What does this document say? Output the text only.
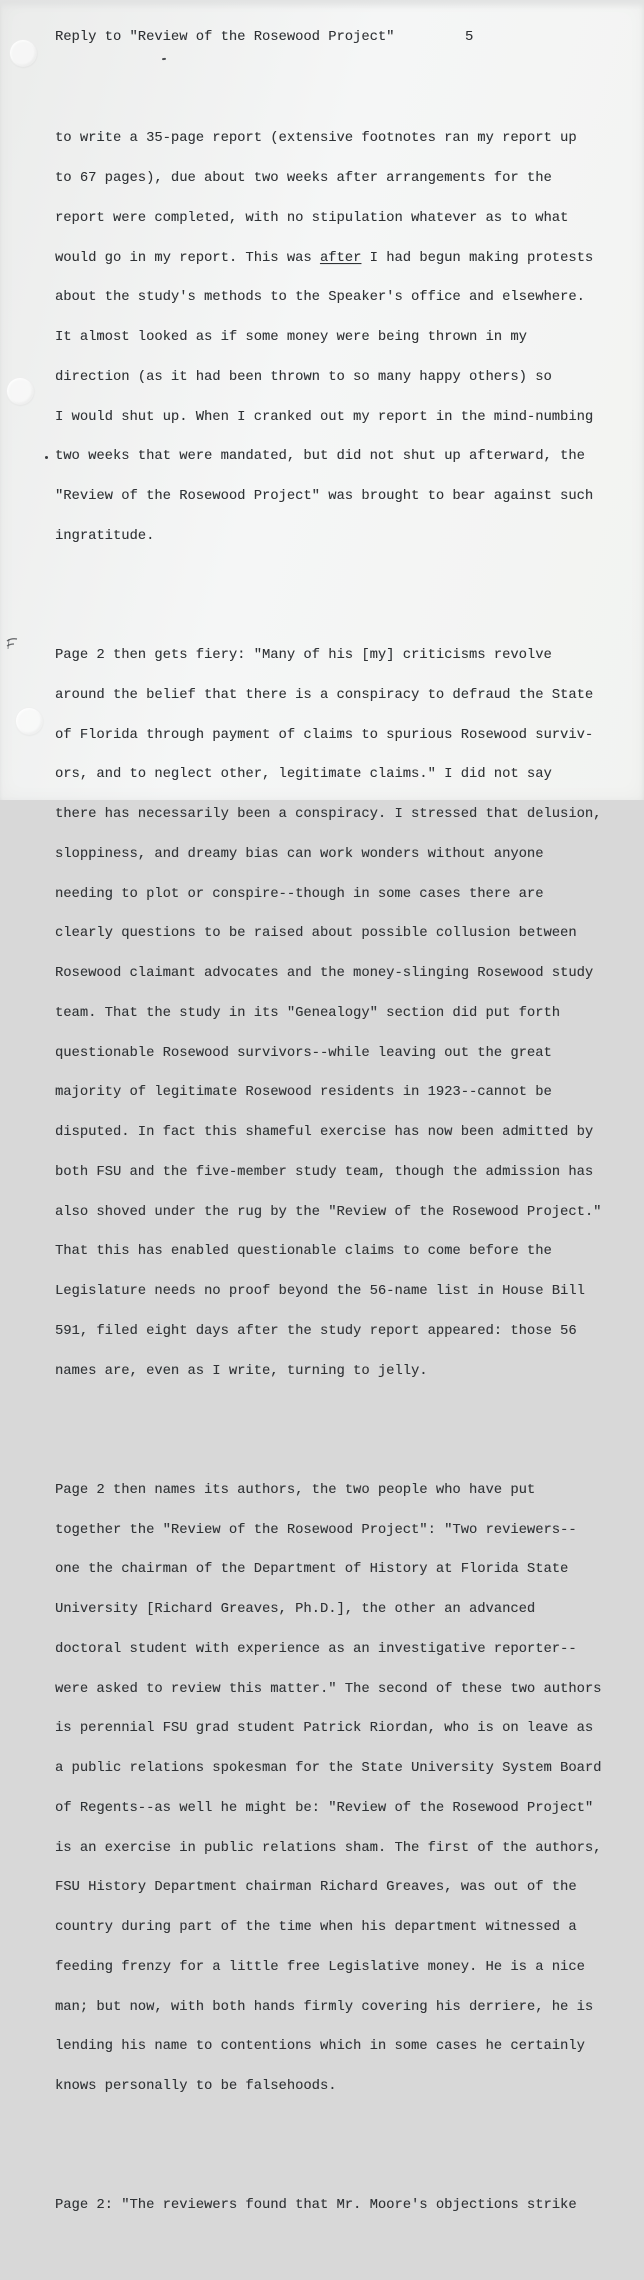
Reply to "Review of the Rosewood Project"

	5

to write a 35-page report (extensive footnotes ran my report up

to 67 pages), due about two weeks after arrangements for the

report were completed, with no stipulation whatever as to what

would go in my report. This was after I had begun making protests

about the study's methods to the Speaker's office and elsewhere.

It almost looked as if some money were being thrown in my

direction (as it had been thrown to so many happy others) so

I would shut up. When I cranked out my report in the mind-numbing

two weeks that were mandated, but did not shut up afterward, the

"Review of the Rosewood Project" was brought to bear against such

ingratitude.

Page 2 then gets fiery: "Many of his [my] criticisms revolve

around the belief that there is a conspiracy to defraud the State

of Florida through payment of claims to spurious Rosewood surviv-

ors, and to neglect other, legitimate claims." I did not say

there has necessarily been a conspiracy. I stressed that delusion,

sloppiness, and dreamy bias can work wonders without anyone

needing to plot or conspire--though in some cases there are

clearly questions to be raised about possible collusion between

Rosewood claimant advocates and the money-slinging Rosewood study

team. That the study in its "Genealogy" section did put forth

questionable Rosewood survivors--while leaving out the great

majority of legitimate Rosewood residents in 1923--cannot be

disputed. In fact this shameful exercise has now been admitted by

both FSU and the five-member study team, though the admission has

also shoved under the rug by the "Review of the Rosewood Project."

That this has enabled questionable claims to come before the

Legislature needs no proof beyond the 56-name list in House Bill

591, filed eight days after the study report appeared: those 56

names are, even as I write, turning to jelly.

Page 2 then names its authors, the two people who have put

together the "Review of the Rosewood Project": "Two reviewers--

one the chairman of the Department of History at Florida State

University [Richard Greaves, Ph.D.], the other an advanced

doctoral student with experience as an investigative reporter--

were asked to review this matter." The second of these two authors

is perennial FSU grad student Patrick Riordan, who is on leave as

a public relations spokesman for the State University System Board

of Regents--as well he might be: "Review of the Rosewood Project"

is an exercise in public relations sham. The first of the authors,

FSU History Department chairman Richard Greaves, was out of the

country during part of the time when his department witnessed a

feeding frenzy for a little free Legislative money. He is a nice

man; but now, with both hands firmly covering his derriere, he is

lending his name to contentions which in some cases he certainly

knows personally to be falsehoods.

Page 2: "The reviewers found that Mr. Moore's objections strike
